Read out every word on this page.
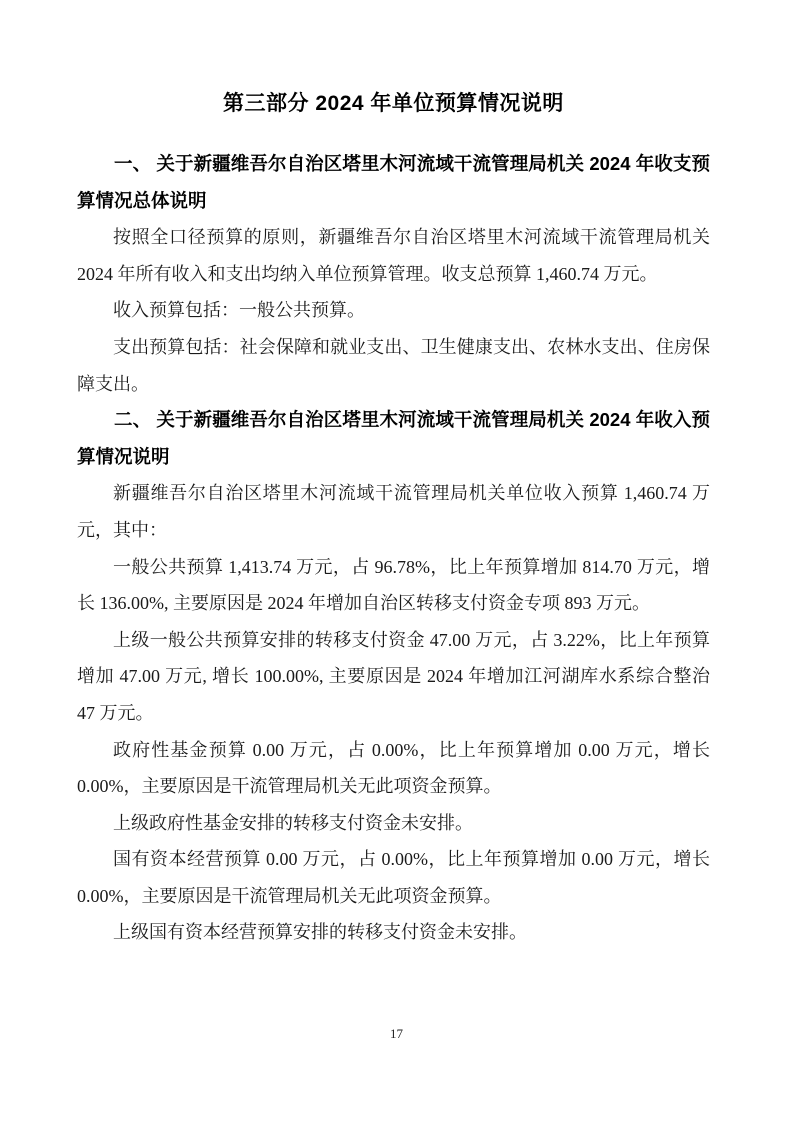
第三部分 2024 年单位预算情况说明
一、 关于新疆维吾尔自治区塔里木河流域干流管理局机关 2024 年收支预算情况总体说明

按照全口径预算的原则，新疆维吾尔自治区塔里木河流域干流管理局机关 2024 年所有收入和支出均纳入单位预算管理。收支总预算 1,460.74 万元。

收入预算包括：一般公共预算。

支出预算包括：社会保障和就业支出、卫生健康支出、农林水支出、住房保障支出。

二、 关于新疆维吾尔自治区塔里木河流域干流管理局机关 2024 年收入预算情况说明

新疆维吾尔自治区塔里木河流域干流管理局机关单位收入预算 1,460.74 万元，其中：

一般公共预算 1,413.74 万元，占 96.78%，比上年预算增加 814.70 万元，增长 136.00%, 主要原因是 2024 年增加自治区转移支付资金专项 893 万元。

上级一般公共预算安排的转移支付资金 47.00 万元，占 3.22%，比上年预算增加 47.00 万元, 增长 100.00%, 主要原因是 2024 年增加江河湖库水系综合整治 47 万元。

政府性基金预算 0.00 万元，占 0.00%，比上年预算增加 0.00 万元，增长 0.00%，主要原因是干流管理局机关无此项资金预算。

上级政府性基金安排的转移支付资金未安排。

国有资本经营预算 0.00 万元，占 0.00%，比上年预算增加 0.00 万元，增长 0.00%，主要原因是干流管理局机关无此项资金预算。

上级国有资本经营预算安排的转移支付资金未安排。

17
